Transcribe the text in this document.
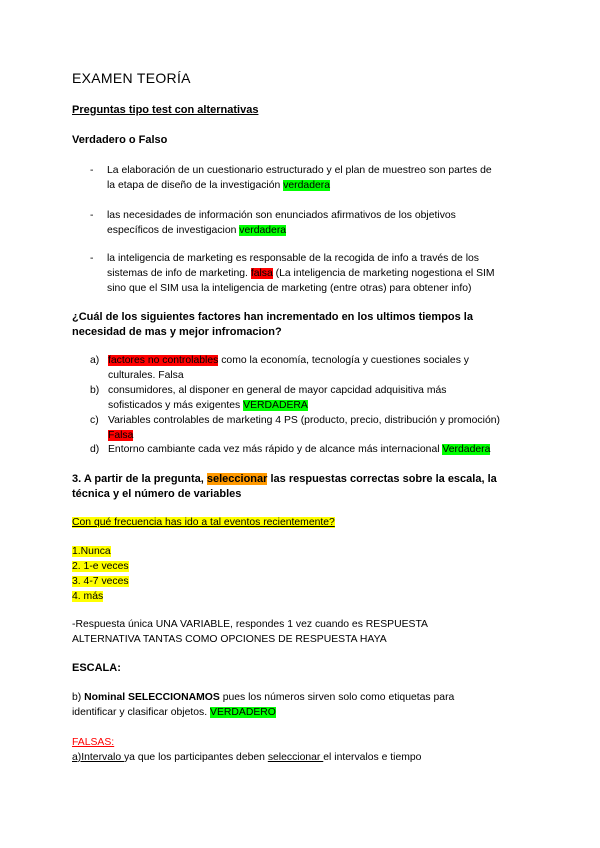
EXAMEN TEORÍA
Preguntas tipo test con alternativas
Verdadero o Falso
- La elaboración de un cuestionario estructurado y el plan de muestreo son partes de
la etapa de diseño de la investigación verdadera
- las necesidades de información son enunciados afirmativos de los objetivos
específicos de investigacion verdadera
- la inteligencia de marketing es responsable de la recogida de info a través de los
sistemas de info de marketing. falsa (La inteligencia de marketing nogestiona el SIM
sino que el SIM usa la inteligencia de marketing (entre otras) para obtener info)
¿Cuál de los siguientes factores han incrementado en los ultimos tiempos la
necesidad de mas y mejor infromacion?
a) factores no controlables como la economía, tecnología y cuestiones sociales y
culturales. Falsa
b) consumidores, al disponer en general de mayor capcidad adquisitiva más
sofisticados y más exigentes VERDADERA
c) Variables controlables de marketing 4 PS (producto, precio, distribución y promoción)
Falsa
d) Entorno cambiante cada vez más rápido y de alcance más internacional Verdadera
3. A partir de la pregunta, seleccionar las respuestas correctas sobre la escala, la
técnica y el número de variables
Con qué frecuencia has ido a tal eventos recientemente?
1.Nunca
2. 1-e veces
3. 4-7 veces
4. más
-Respuesta única UNA VARIABLE, respondes 1 vez cuando es RESPUESTA
ALTERNATIVA TANTAS COMO OPCIONES DE RESPUESTA HAYA
ESCALA:
b) Nominal SELECCIONAMOS pues los números sirven solo como etiquetas para
identificar y clasificar objetos. VERDADERO
FALSAS:
a)Intervalo ya que los participantes deben seleccionar el intervalos e tiempo
